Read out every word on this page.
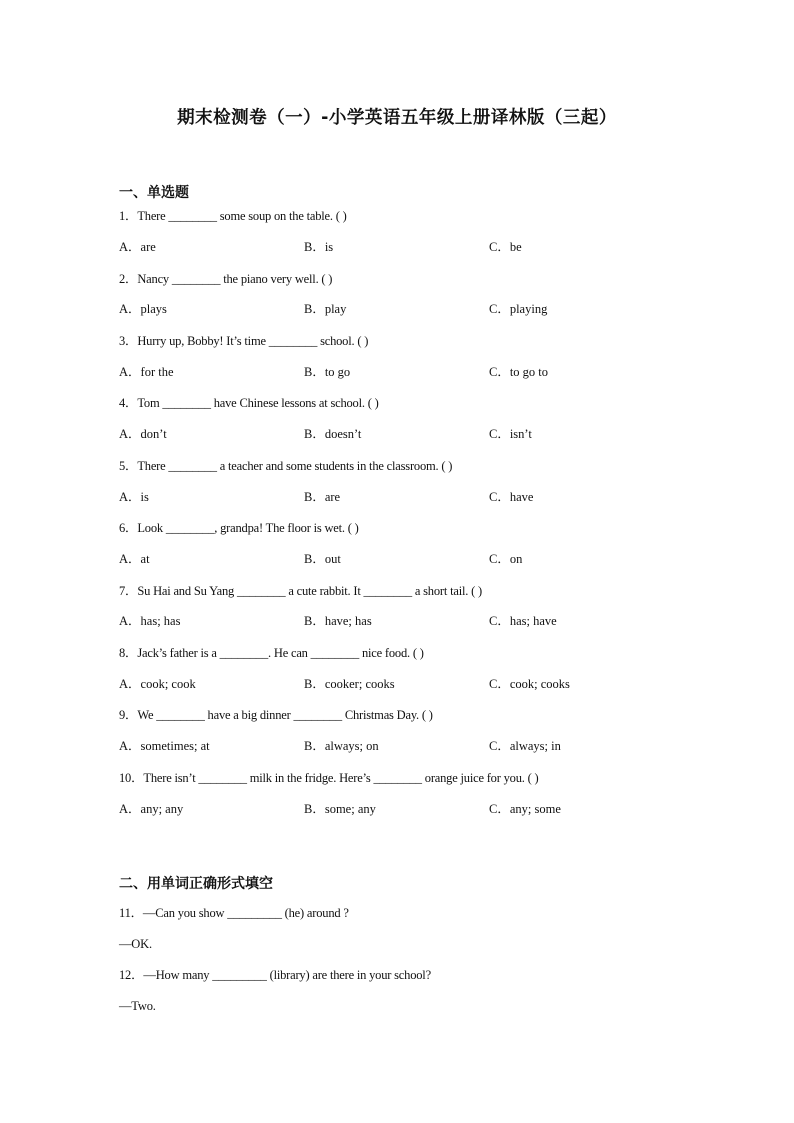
期末检测卷（一）-小学英语五年级上册译林版（三起）
一、单选题
1．There ________ some soup on the table. ( )
A．are	B．is	C．be
2．Nancy ________ the piano very well. ( )
A．plays	B．play	C．playing
3．Hurry up, Bobby! It’s time ________ school. ( )
A．for the	B．to go	C．to go to
4．Tom ________ have Chinese lessons at school. ( )
A．don’t	B．doesn’t	C．isn’t
5．There ________ a teacher and some students in the classroom. ( )
A．is	B．are	C．have
6．Look ________, grandpa! The floor is wet. ( )
A．at	B．out	C．on
7．Su Hai and Su Yang ________ a cute rabbit. It ________ a short tail. ( )
A．has; has	B．have; has	C．has; have
8．Jack’s father is a ________. He can ________ nice food. ( )
A．cook; cook	B．cooker; cooks	C．cook; cooks
9．We ________ have a big dinner ________ Christmas Day. ( )
A．sometimes; at	B．always; on	C．always; in
10．There isn’t ________ milk in the fridge. Here’s ________ orange juice for you. ( )
A．any; any	B．some; any	C．any; some
二、用单词正确形式填空
11．—Can you show _________ (he) around ?
—OK.
12．—How many _________ (library) are there in your school?
—Two.
